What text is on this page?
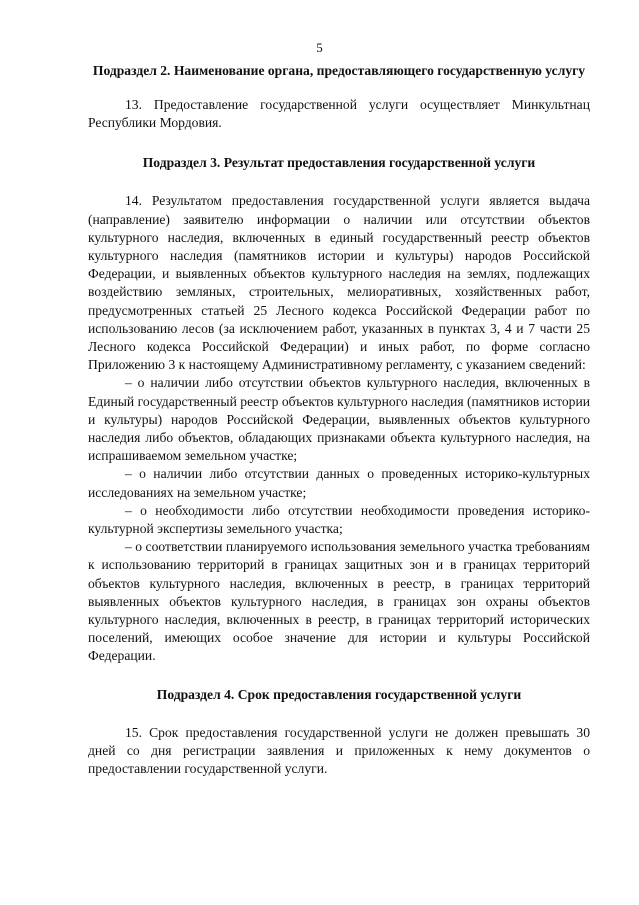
5

Подраздел 2. Наименование органа, предоставляющего государственную услугу

13. Предоставление государственной услуги осуществляет Минкультнац Республики Мордовия.

Подраздел 3. Результат предоставления государственной услуги

14. Результатом предоставления государственной услуги является выдача (направление) заявителю информации о наличии или отсутствии объектов культурного наследия, включенных в единый государственный реестр объектов культурного наследия (памятников истории и культуры) народов Российской Федерации, и выявленных объектов культурного наследия на землях, подлежащих воздействию земляных, строительных, мелиоративных, хозяйственных работ, предусмотренных статьей 25 Лесного кодекса Российской Федерации работ по использованию лесов (за исключением работ, указанных в пунктах 3, 4 и 7 части 25 Лесного кодекса Российской Федерации) и иных работ, по форме согласно Приложению 3 к настоящему Административному регламенту, с указанием сведений:

– о наличии либо отсутствии объектов культурного наследия, включенных в Единый государственный реестр объектов культурного наследия (памятников истории и культуры) народов Российской Федерации, выявленных объектов культурного наследия либо объектов, обладающих признаками объекта культурного наследия, на испрашиваемом земельном участке;

– о наличии либо отсутствии данных о проведенных историко-культурных исследованиях на земельном участке;

– о необходимости либо отсутствии необходимости проведения историко-культурной экспертизы земельного участка;

– о соответствии планируемого использования земельного участка требованиям к использованию территорий в границах защитных зон и в границах территорий объектов культурного наследия, включенных в реестр, в границах территорий выявленных объектов культурного наследия, в границах зон охраны объектов культурного наследия, включенных в реестр, в границах территорий исторических поселений, имеющих особое значение для истории и культуры Российской Федерации.

Подраздел 4. Срок предоставления государственной услуги

15. Срок предоставления государственной услуги не должен превышать 30 дней со дня регистрации заявления и приложенных к нему документов о предоставлении государственной услуги.
